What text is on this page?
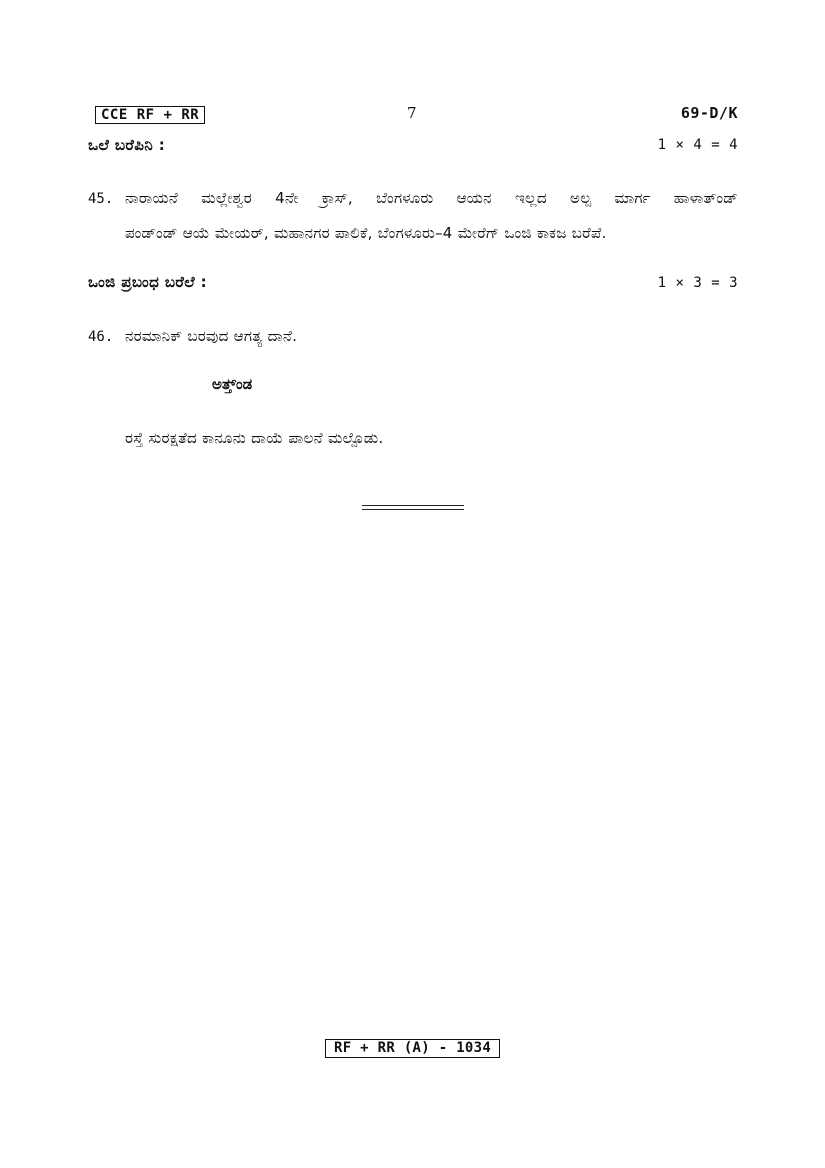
CCE RF + RR	7	69-D/K
ಒಲೆ ಬರೆಪಿನಿ :	1 × 4 = 4
45. ನಾರಾಯನೆ ಮಲ್ಲೇಶ್ವರ 4ನೇ ಕ್ರಾಸ್, ಬೆಂಗಳೂರು ಆಯನ ಇಲ್ಲದ ಅಲ್ಪ ಮಾರ್ಗ ಹಾಳಾತ್ಂಡ್
ಪಂಡ್ಂಡ್ ಆಯೆ ಮೇಯರ್, ಮಹಾನಗರ ಪಾಲಿಕೆ, ಬೆಂಗಳೂರು–4 ಮೇರೆಗ್ ಒಂಜಿ ಕಾಕಜ ಬರೆಪೆ.
ಒಂಜಿ ಪ್ರಬಂಧ ಬರೆಲೆ :	1 × 3 = 3
46. ನರಮಾನಿಕ್ ಬರವುದ ಆಗತ್ಯ ದಾನೆ.
ಅತ್ತ್ಂಡ
ರಸ್ತೆ ಸುರಕ್ಷತೆದ ಕಾನೂನು ದಾಯೆ ಪಾಲನೆ ಮಲ್ಪೊಡು.
RF + RR (A) - 1034
